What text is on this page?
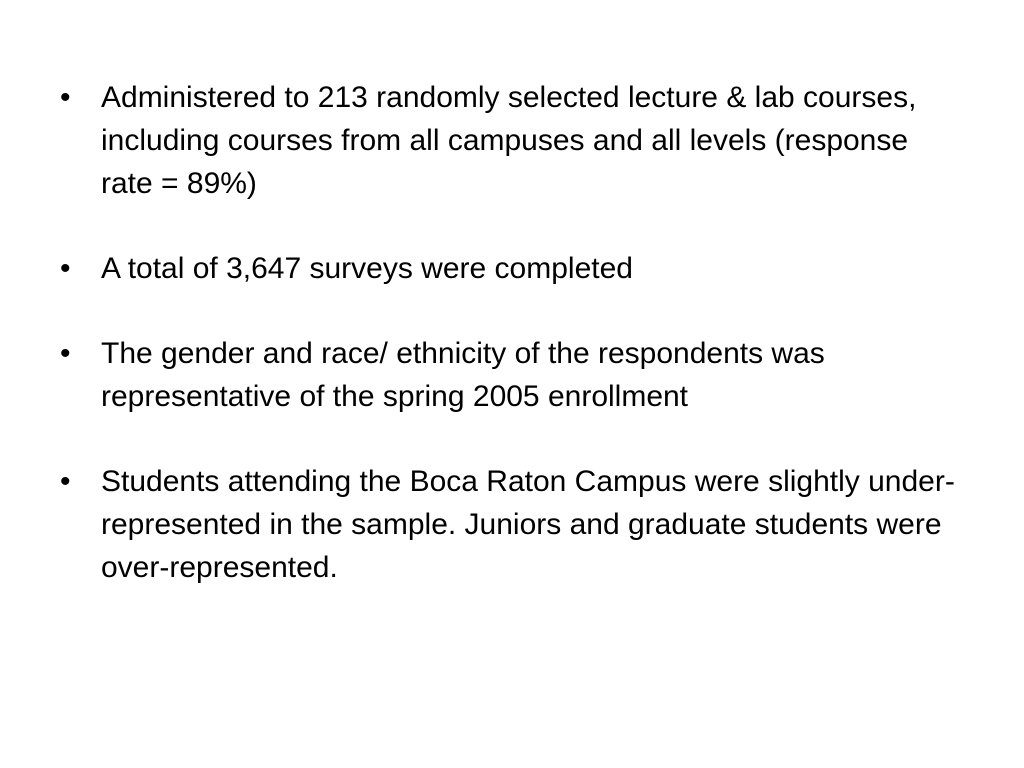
•	Administered to 213 randomly selected lecture & lab courses, including courses from all campuses and all levels (response rate = 89%)
•	A total of 3,647 surveys were completed
•	The gender and race/ ethnicity of the respondents was representative of the spring 2005 enrollment
•	Students attending the Boca Raton Campus were slightly under-represented in the sample. Juniors and graduate students were over-represented.
